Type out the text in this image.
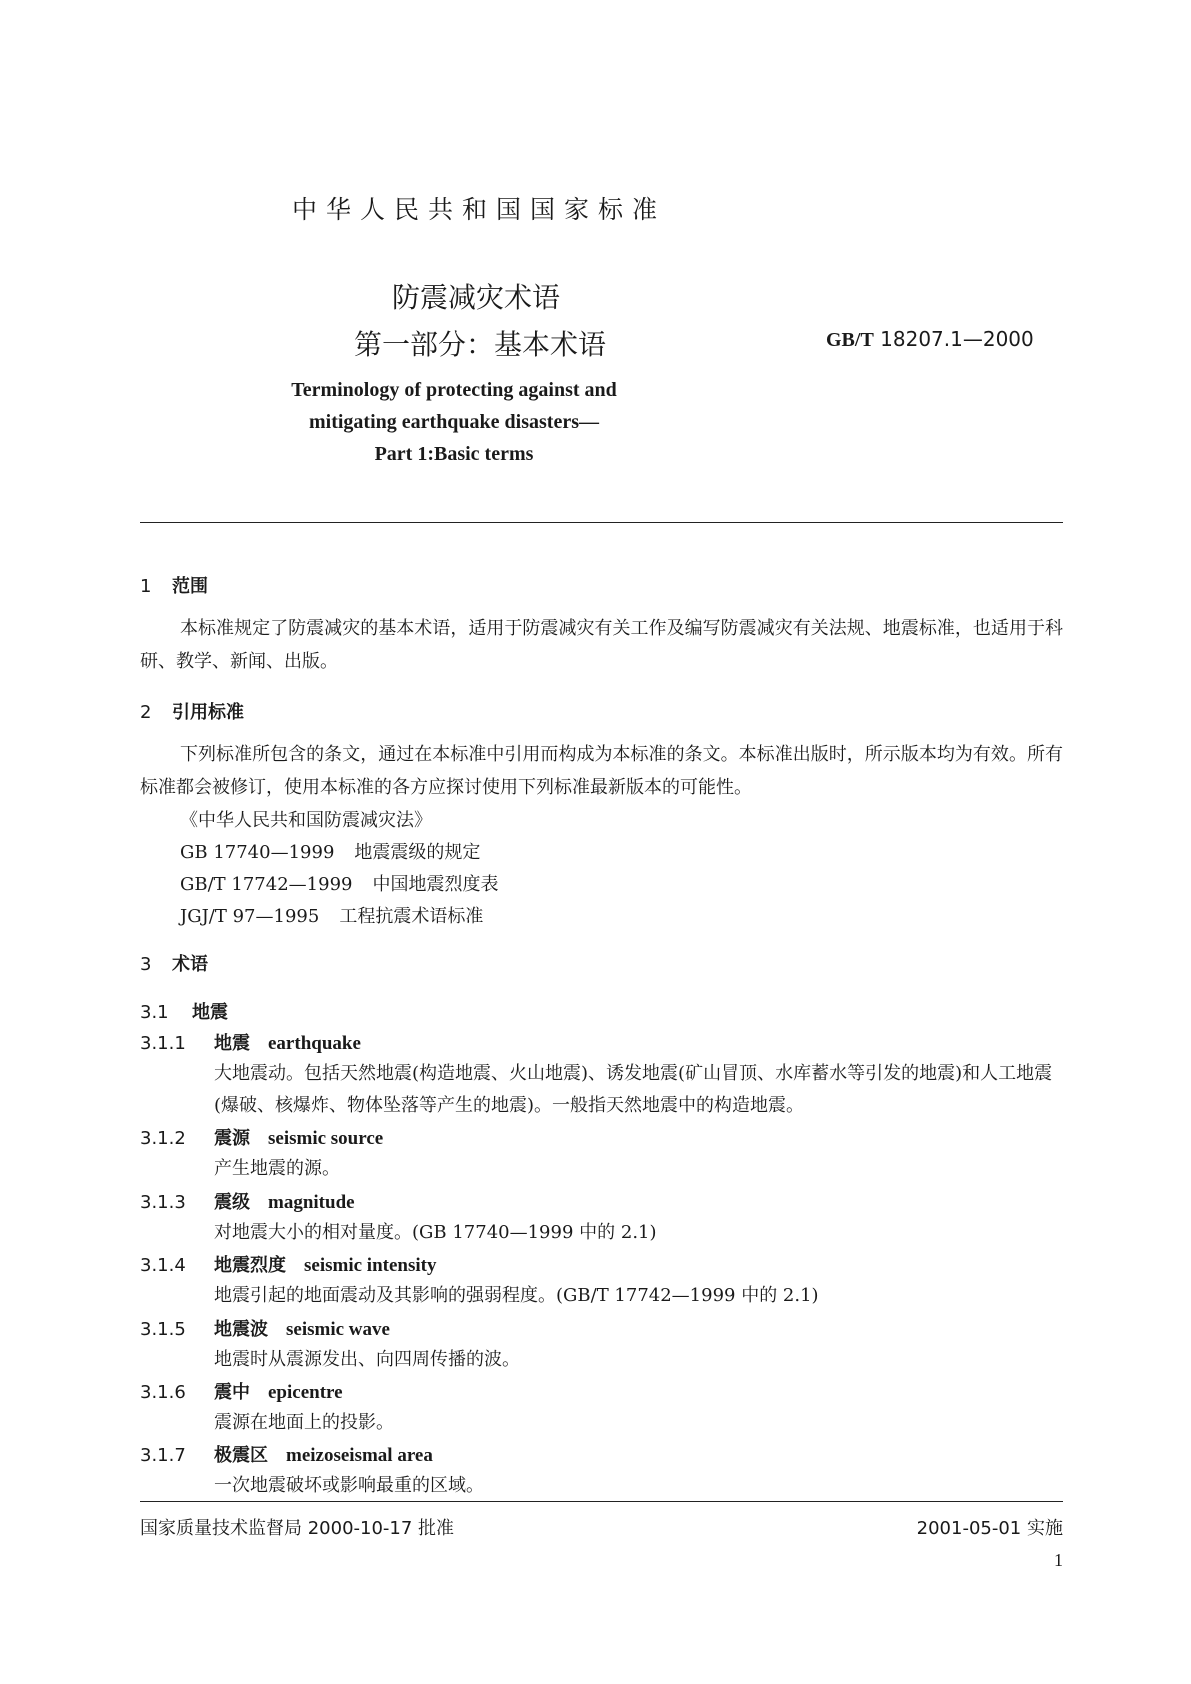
中华人民共和国国家标准
防震减灾术语
第一部分：基本术语	GB/T 18207.1—2000
Terminology of protecting against and
mitigating earthquake disasters—
Part 1:Basic terms
1 范围
本标准规定了防震减灾的基本术语，适用于防震减灾有关工作及编写防震减灾有关法规、地震标准，也适用于科研、教学、新闻、出版。
2 引用标准
下列标准所包含的条文，通过在本标准中引用而构成为本标准的条文。本标准出版时，所示版本均为有效。所有标准都会被修订，使用本标准的各方应探讨使用下列标准最新版本的可能性。
《中华人民共和国防震减灾法》
GB 17740—1999 地震震级的规定
GB/T 17742—1999 中国地震烈度表
JGJ/T 97—1995 工程抗震术语标准
3 术语
3.1 地震
3.1.1 地震 earthquake
大地震动。包括天然地震(构造地震、火山地震)、诱发地震(矿山冒顶、水库蓄水等引发的地震)和人工地震(爆破、核爆炸、物体坠落等产生的地震)。一般指天然地震中的构造地震。
3.1.2 震源 seismic source
产生地震的源。
3.1.3 震级 magnitude
对地震大小的相对量度。(GB 17740—1999 中的 2.1)
3.1.4 地震烈度 seismic intensity
地震引起的地面震动及其影响的强弱程度。(GB/T 17742—1999 中的 2.1)
3.1.5 地震波 seismic wave
地震时从震源发出、向四周传播的波。
3.1.6 震中 epicentre
震源在地面上的投影。
3.1.7 极震区 meizoseismal area
一次地震破坏或影响最重的区域。
国家质量技术监督局 2000-10-17 批准	2001-05-01 实施
1
